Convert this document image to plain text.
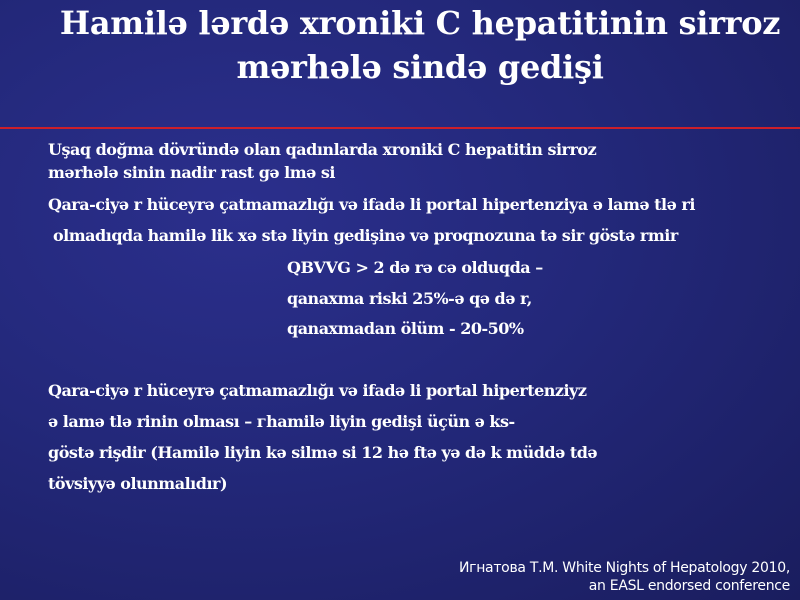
Hamilə lərdə xroniki C hepatitinin sirroz
mərhələ sində gedişi
Uşaq doğma dövründə olan qadınlarda xroniki C hepatitin sirroz
mərhələ sinin nadir rast gə lmə si
Qara-ciyə r hüceyrə çatmamazlığı və ifadə li portal hipertenziya ə lamə tlə ri
olmadıqda hamilə lik xə stə liyin gedişinə və proqnozuna tə sir göstə rmir
QBVVG > 2 də rə cə olduqda –
qanaxma riski 25%-ə qə də r,
qanaxmadan ölüm - 20-50%
Qara-ciyə r hüceyrə çatmamazlığı və ifadə li portal hipertenziyz
ə lamə tlə rinin olması – гhamilə liyin gedişi üçün ə ks-
göstə rişdir (Hamilə liyin kə silmə si 12 hə ftə yə də k müddə tdə
tövsiyyə olunmalıdır)
Игнатова Т.М. White Nights of Hepatology 2010,
an EASL endorsed conference
